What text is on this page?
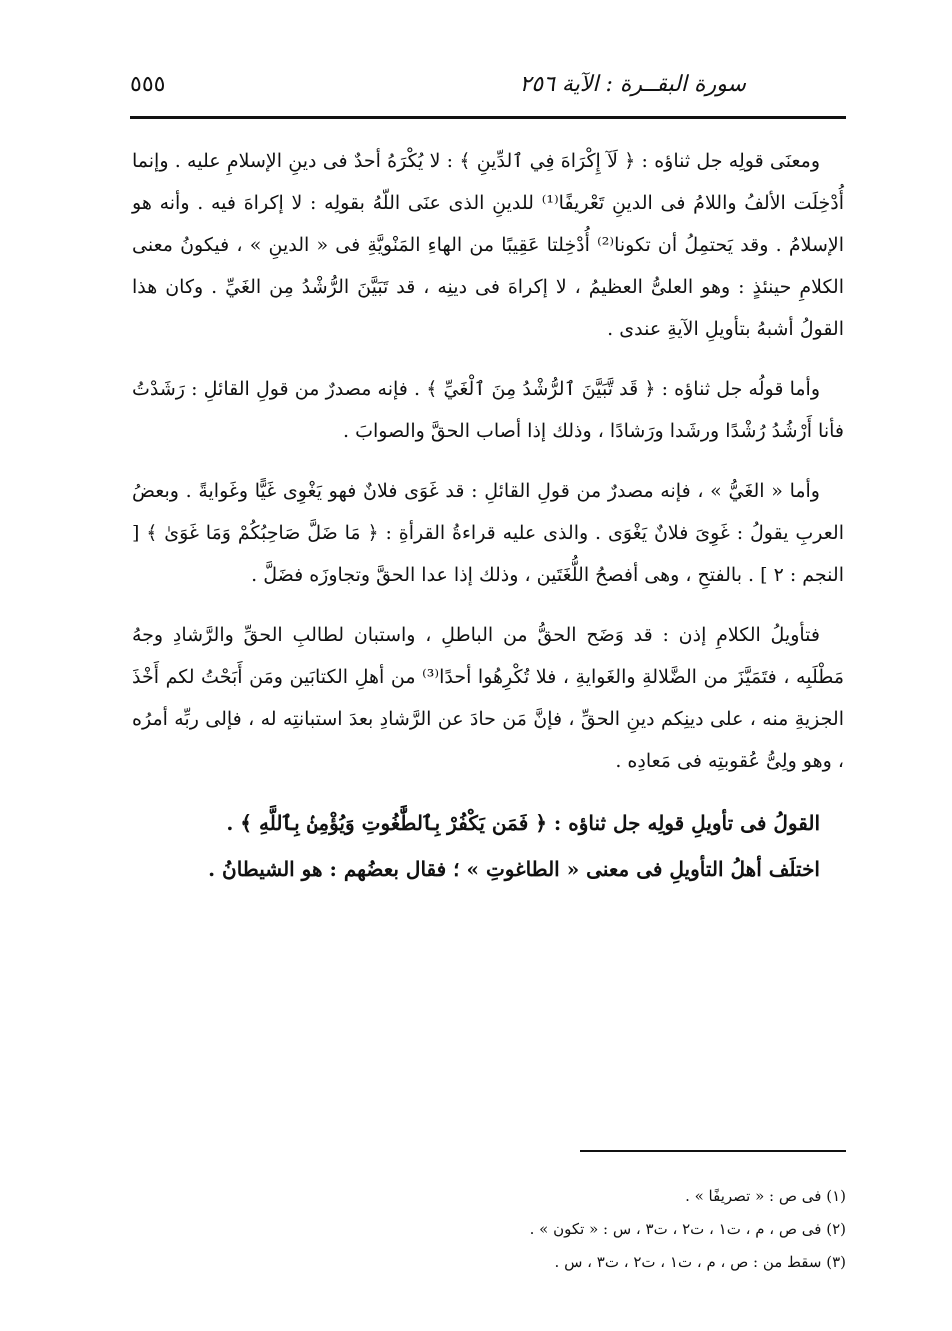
سورة البقــرة : الآية ٢٥٦
٥٥٥

ومعنَى قولِه جل ثناؤه : ﴿ لَآ إِكْرَاهَ فِي ٱلدِّينِ ﴾ : لا يُكْرَهُ أحدٌ فى دينِ الإسلامِ عليه . وإنما أُدْخِلَت الألفُ واللامُ فى الدينِ تَعْريفًا⁽¹⁾ للدينِ الذى عنَى اللّهُ بقولِه : لا إكراهَ فيه . وأنه هو الإسلامُ . وقد يَحتمِلُ أن تكونا⁽²⁾ أُدْخِلتا عَقِيبًا من الهاءِ المَنْويَّةِ فى « الدينِ » ، فيكونُ معنى الكلامِ حينئذٍ : وهو العلىُّ العظيمُ ، لا إكراهَ فى دينِه ، قد تَبَيَّنَ الرُّشْدُ مِن الغَيِّ . وكان هذا القولُ أشبهُ بتأويلِ الآيةِ عندى .

وأما قولُه جل ثناؤه : ﴿ قَد تَّبَيَّنَ ٱلرُّشْدُ مِنَ ٱلْغَيِّ ﴾ . فإنه مصدرٌ من قولِ القائلِ : رَشَدْتُ فأنا أَرْشُدُ رُشْدًا ورشَدا ورَشادًا ، وذلك إذا أصاب الحقَّ والصوابَ .

وأما « الغَيُّ » ، فإنه مصدرٌ من قولِ القائلِ : قد غَوَى فلانٌ فهو يَغْوِى غَيًّا وغَوايةً . وبعضُ العربِ يقولُ : غَوِىَ فلانٌ يَغْوَى . والذى عليه قراءةُ القرأةِ : ﴿ مَا ضَلَّ صَاحِبُكُمْ وَمَا غَوَىٰ ﴾ [ النجم : ٢ ] . بالفتحِ ، وهى أفصحُ اللُّغَتَين ، وذلك إذا عدا الحقَّ وتجاوزَه فضَلَّ .

فتأويلُ الكلامِ إذن : قد وَضَح الحقُّ من الباطلِ ، واستبان لطالبِ الحقِّ والرَّشادِ وجهُ مَطْلَبِه ، فتَمَيَّزَ من الضَّلالةِ والغَوايةِ ، فلا تُكْرِهُوا أحدًا⁽³⁾ من أهلِ الكتابَين ومَن أَبَحْتُ لكم أَخْذَ الجزيةِ منه ، على دينِكم دينِ الحقِّ ، فإنَّ مَن حادَ عن الرَّشادِ بعدَ استبانتِه له ، فإلى ربِّه أمرُه ، وهو ولِىُّ عُقوبتِه فى مَعادِه .

القولُ فى تأويلِ قولِه جل ثناؤه : ﴿ فَمَن يَكْفُرْ بِٱلطَّٰغُوتِ وَيُؤْمِنۢ بِٱللَّهِ ﴾ .

اختلَف أهلُ التأويلِ فى معنى « الطاغوتِ » ؛ فقال بعضُهم : هو الشيطانُ .

(١) فى ص : « تصريفًا » .
(٢) فى ص ، م ، ت١ ، ت٢ ، ت٣ ، س : « تكون » .
(٣) سقط من : ص ، م ، ت١ ، ت٢ ، ت٣ ، س .
